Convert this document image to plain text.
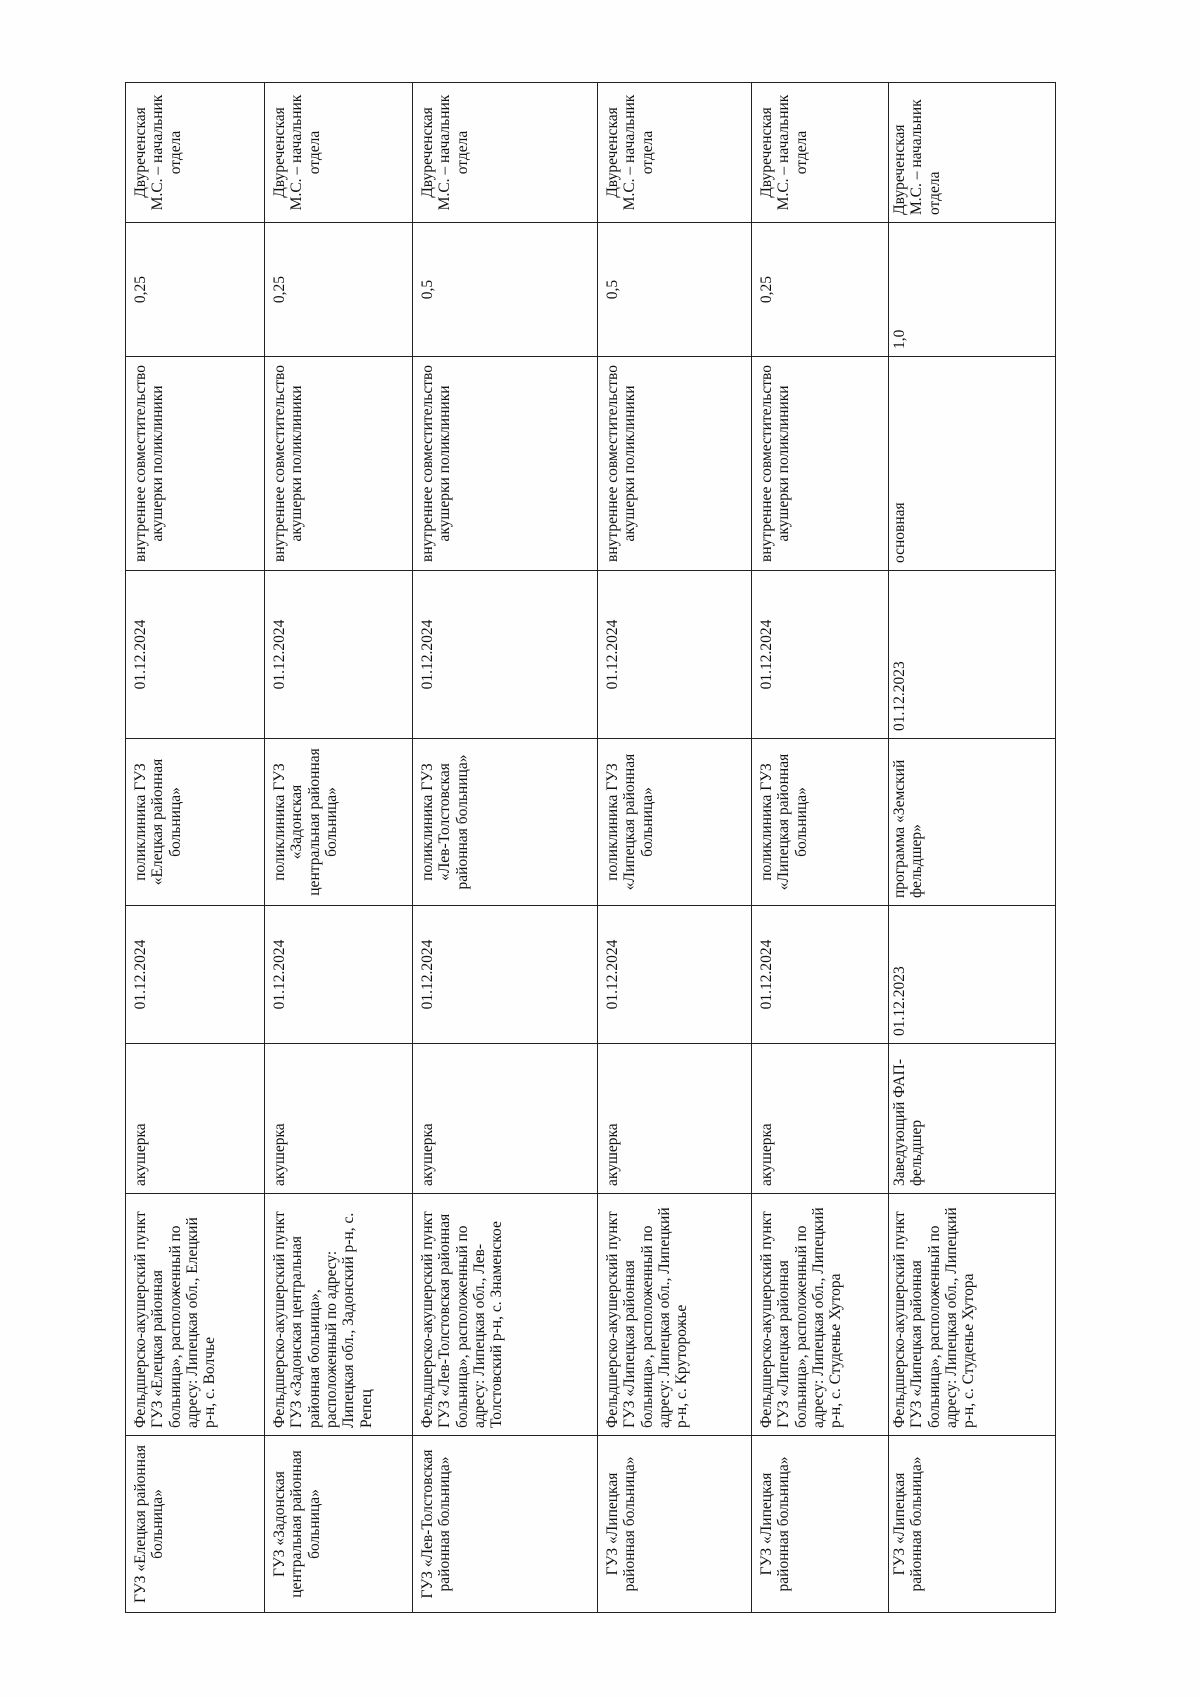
ГУЗ «Елецкая районная больница»	Фельдшерско-акушерский пункт ГУЗ «Елецкая районная больница», расположенный по адресу: Липецкая обл., Елецкий р-н, с. Волчье	акушерка	01.12.2024	поликлиника ГУЗ «Елецкая районная больница»	01.12.2024	внутреннее совместительство акушерки поликлиники	0,25	Двуреченская М.С. – начальник отдела
ГУЗ «Задонская центральная районная больница»	Фельдшерско-акушерский пункт ГУЗ «Задонская центральная районная больница», расположенный по адресу: Липецкая обл., Задонский р-н, с. Репец	акушерка	01.12.2024	поликлиника ГУЗ «Задонская центральная районная больница»	01.12.2024	внутреннее совместительство акушерки поликлиники	0,25	Двуреченская М.С. – начальник отдела
ГУЗ «Лев-Толстовская районная больница»	Фельдшерско-акушерский пункт ГУЗ «Лев-Толстовская районная больница», расположенный по адресу: Липецкая обл., Лев-Толстовский р-н, с. Знаменское	акушерка	01.12.2024	поликлиника ГУЗ «Лев-Толстовская районная больница»	01.12.2024	внутреннее совместительство акушерки поликлиники	0,5	Двуреченская М.С. – начальник отдела
ГУЗ «Липецкая районная больница»	Фельдшерско-акушерский пункт ГУЗ «Липецкая районная больница», расположенный по адресу: Липецкая обл., Липецкий р-н, с. Круторожье	акушерка	01.12.2024	поликлиника ГУЗ «Липецкая районная больница»	01.12.2024	внутреннее совместительство акушерки поликлиники	0,5	Двуреченская М.С. – начальник отдела
ГУЗ «Липецкая районная больница»	Фельдшерско-акушерский пункт ГУЗ «Липецкая районная больница», расположенный по адресу: Липецкая обл., Липецкий р-н, с. Студенье Хутора	акушерка	01.12.2024	поликлиника ГУЗ «Липецкая районная больница»	01.12.2024	внутреннее совместительство акушерки поликлиники	0,25	Двуреченская М.С. – начальник отдела
ГУЗ «Липецкая районная больница»	Фельдшерско-акушерский пункт ГУЗ «Липецкая районная больница», расположенный по адресу: Липецкая обл., Липецкий р-н, с. Студенье Хутора	Заведующий ФАП-фельдшер	01.12.2023	программа «Земский фельдшер»	01.12.2023	основная	1,0	Двуреченская М.С. – начальник отдела
